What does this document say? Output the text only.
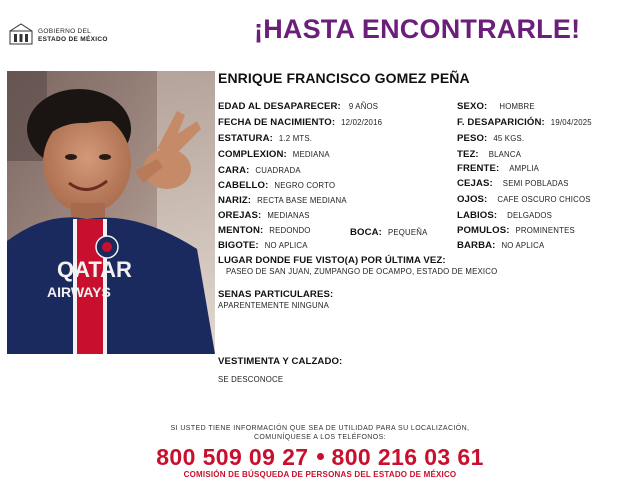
GOBIERNO DEL
ESTADO DE MÉXICO	¡HASTA ENCONTRARLE!
QATAR
AIRWAYS
ENRIQUE FRANCISCO GOMEZ PEÑA
EDAD AL DESAPARECER: 9 AÑOS
FECHA DE NACIMIENTO: 12/02/2016
ESTATURA: 1.2 MTS.
COMPLEXION: MEDIANA
CARA: CUADRADA
CABELLO: NEGRO CORTO
NARIZ: RECTA BASE MEDIANA
OREJAS: MEDIANAS
MENTON: REDONDO
BIGOTE: NO APLICA
BOCA: PEQUEÑA
SEXO: HOMBRE
F. DESAPARICIÓN: 19/04/2025
PESO: 45 KGS.
TEZ: BLANCA
FRENTE: AMPLIA
CEJAS: SEMI POBLADAS
OJOS: CAFE OSCURO CHICOS
LABIOS: DELGADOS
POMULOS: PROMINENTES
BARBA: NO APLICA
LUGAR DONDE FUE VISTO(A) POR ÚLTIMA VEZ:
PASEO DE SAN JUAN, ZUMPANGO DE OCAMPO, ESTADO DE MEXICO
SENAS PARTICULARES:
APARENTEMENTE NINGUNA
VESTIMENTA Y CALZADO:
SE DESCONOCE
SI USTED TIENE INFORMACIÓN QUE SEA DE UTILIDAD PARA SU LOCALIZACIÓN,
COMUNÍQUESE A LOS TELÉFONOS:
800 509 09 27 800 216 03 61
COMISIÓN DE BÚSQUEDA DE PERSONAS DEL ESTADO DE MÉXICO
